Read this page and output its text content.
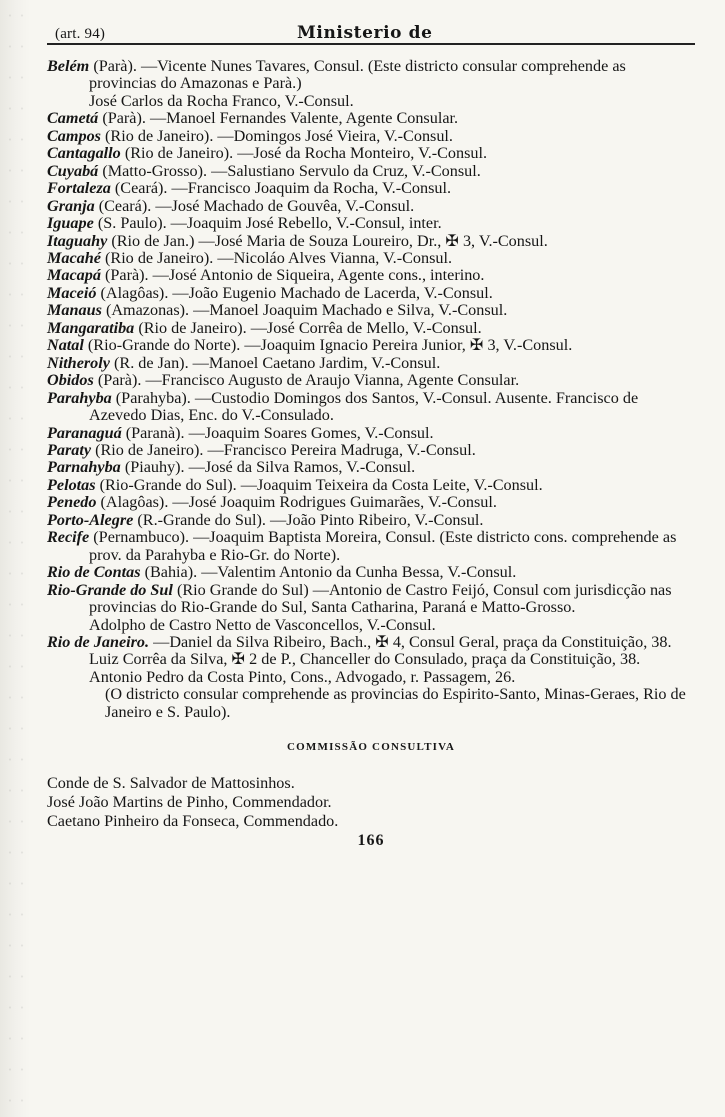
(art. 94)	Ministerio de

Belém (Parà). —Vicente Nunes Tavares, Consul. (Este districto consular comprehende as provincias do Amazonas e Parà.)

José Carlos da Rocha Franco, V.-Consul.

Cametá (Parà). —Manoel Fernandes Valente, Agente Consular.

Campos (Rio de Janeiro). —Domingos José Vieira, V.-Consul.

Cantagallo (Rio de Janeiro). —José da Rocha Monteiro, V.-Consul.

Cuyabá (Matto-Grosso). —Salustiano Servulo da Cruz, V.-Consul.

Fortaleza (Ceará). —Francisco Joaquim da Rocha, V.-Consul.

Granja (Ceará). —José Machado de Gouvêa, V.-Consul.

Iguape (S. Paulo). —Joaquim José Rebello, V.-Consul, inter.

Itaguahy (Rio de Jan.) —José Maria de Souza Loureiro, Dr., ✠ 3, V.-Consul.

Macahé (Rio de Janeiro). —Nicoláo Alves Vianna, V.-Consul.

Macapá (Parà). —José Antonio de Siqueira, Agente cons., interino.

Maceió (Alagôas). —João Eugenio Machado de Lacerda, V.-Consul.

Manaus (Amazonas). —Manoel Joaquim Machado e Silva, V.-Consul.

Mangaratiba (Rio de Janeiro). —José Corrêa de Mello, V.-Consul.

Natal (Rio-Grande do Norte). —Joaquim Ignacio Pereira Junior, ✠ 3, V.-Consul.

Nitheroly (R. de Jan). —Manoel Caetano Jardim, V.-Consul.

Obidos (Parà). —Francisco Augusto de Araujo Vianna, Agente Consular.

Parahyba (Parahyba). —Custodio Domingos dos Santos, V.-Consul. Ausente. Francisco de Azevedo Dias, Enc. do V.-Consulado.

Paranaguá (Paranà). —Joaquim Soares Gomes, V.-Consul.

Paraty (Rio de Janeiro). —Francisco Pereira Madruga, V.-Consul.

Parnahyba (Piauhy). —José da Silva Ramos, V.-Consul.

Pelotas (Rio-Grande do Sul). —Joaquim Teixeira da Costa Leite, V.-Consul.

Penedo (Alagôas). —José Joaquim Rodrigues Guimarães, V.-Consul.

Porto-Alegre (R.-Grande do Sul). —João Pinto Ribeiro, V.-Consul.

Recife (Pernambuco). —Joaquim Baptista Moreira, Consul. (Este districto cons. comprehende as prov. da Parahyba e Rio-Gr. do Norte).

Rio de Contas (Bahia). —Valentim Antonio da Cunha Bessa, V.-Consul.

Rio-Grande do Sul (Rio Grande do Sul) —Antonio de Castro Feijó, Consul com jurisdicção nas provincias do Rio-Grande do Sul, Santa Catharina, Paraná e Matto-Grosso.

Adolpho de Castro Netto de Vasconcellos, V.-Consul.

Rio de Janeiro. —Daniel da Silva Ribeiro, Bach., ✠ 4, Consul Geral, praça da Constituição, 38.

Luiz Corrêa da Silva, ✠ 2 de P., Chanceller do Consulado, praça da Constituição, 38.

Antonio Pedro da Costa Pinto, Cons., Advogado, r. Passagem, 26.

(O districto consular comprehende as provincias do Espirito-Santo, Minas-Geraes, Rio de Janeiro e S. Paulo).

COMMISSÃO CONSULTIVA

Conde de S. Salvador de Mattosinhos.

José João Martins de Pinho, Commendador.

Caetano Pinheiro da Fonseca, Commendado.

166
